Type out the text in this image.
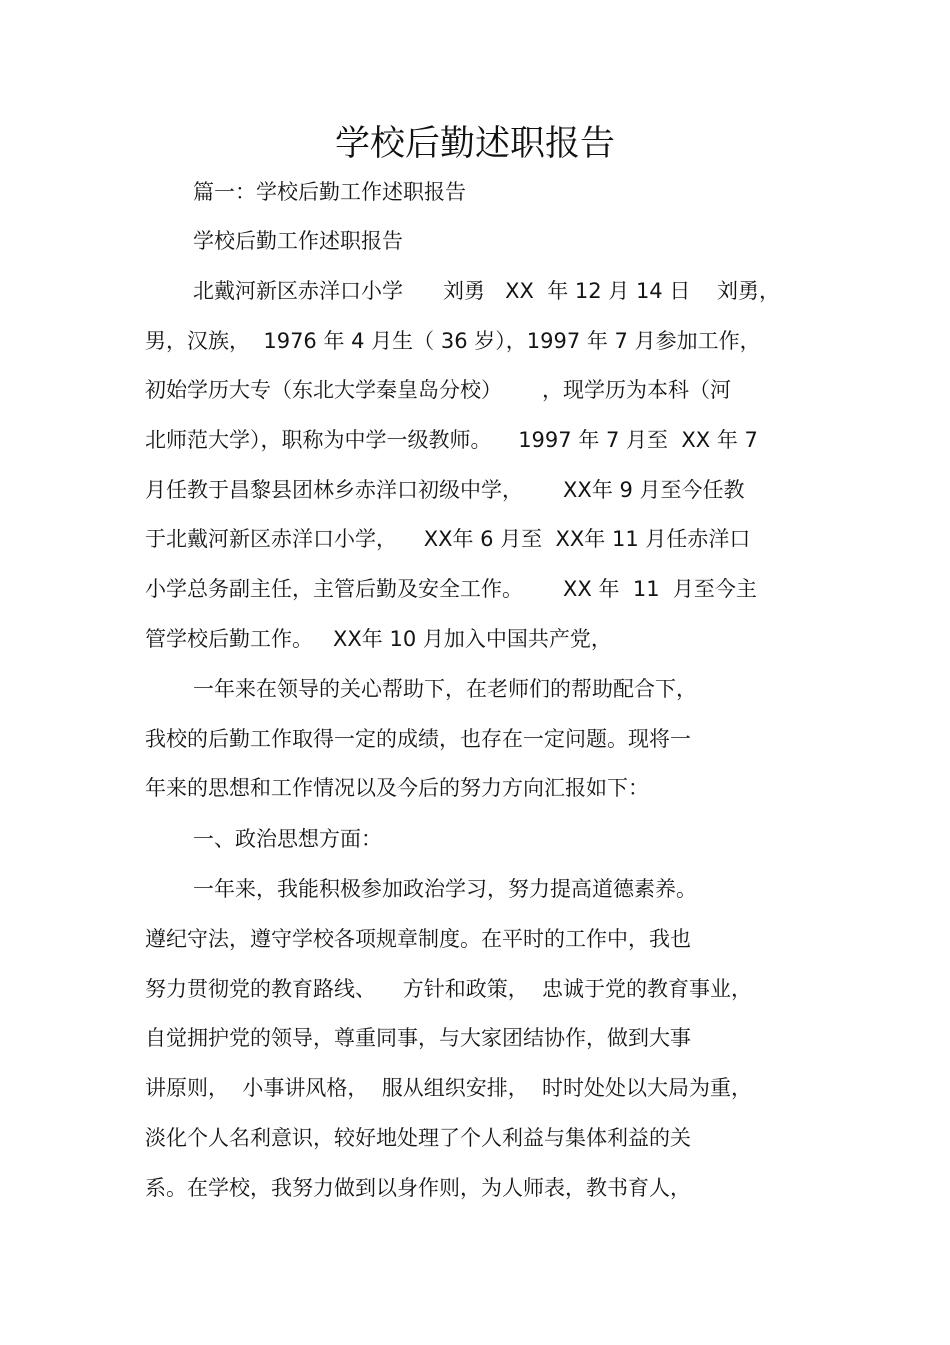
学校后勤述职报告
篇一：学校后勤工作述职报告
学校后勤工作述职报告
北戴河新区赤洋口小学      刘勇   XX  年 12 月 14 日    刘勇，
男，汉族，  1976 年 4 月生（ 36 岁），1997 年 7 月参加工作，
初始学历大专（东北大学秦皇岛分校）      ，现学历为本科（河
北师范大学），职称为中学一级教师。    1997 年 7 月至  XX 年 7
月任教于昌黎县团林乡赤洋口初级中学，      XX年 9 月至今任教
于北戴河新区赤洋口小学，    XX年 6 月至  XX年 11 月任赤洋口
小学总务副主任，主管后勤及安全工作。      XX 年  11  月至今主
管学校后勤工作。   XX年 10 月加入中国共产党，
一年来在领导的关心帮助下，在老师们的帮助配合下，
我校的后勤工作取得一定的成绩，也存在一定问题。现将一
年来的思想和工作情况以及今后的努力方向汇报如下：
一、政治思想方面：
一年来，我能积极参加政治学习，努力提高道德素养。
遵纪守法，遵守学校各项规章制度。在平时的工作中，我也
努力贯彻党的教育路线、    方针和政策，  忠诚于党的教育事业，
自觉拥护党的领导，尊重同事，与大家团结协作，做到大事
讲原则，  小事讲风格，  服从组织安排，  时时处处以大局为重，
淡化个人名利意识，较好地处理了个人利益与集体利益的关
系。在学校，我努力做到以身作则，为人师表，教书育人，
